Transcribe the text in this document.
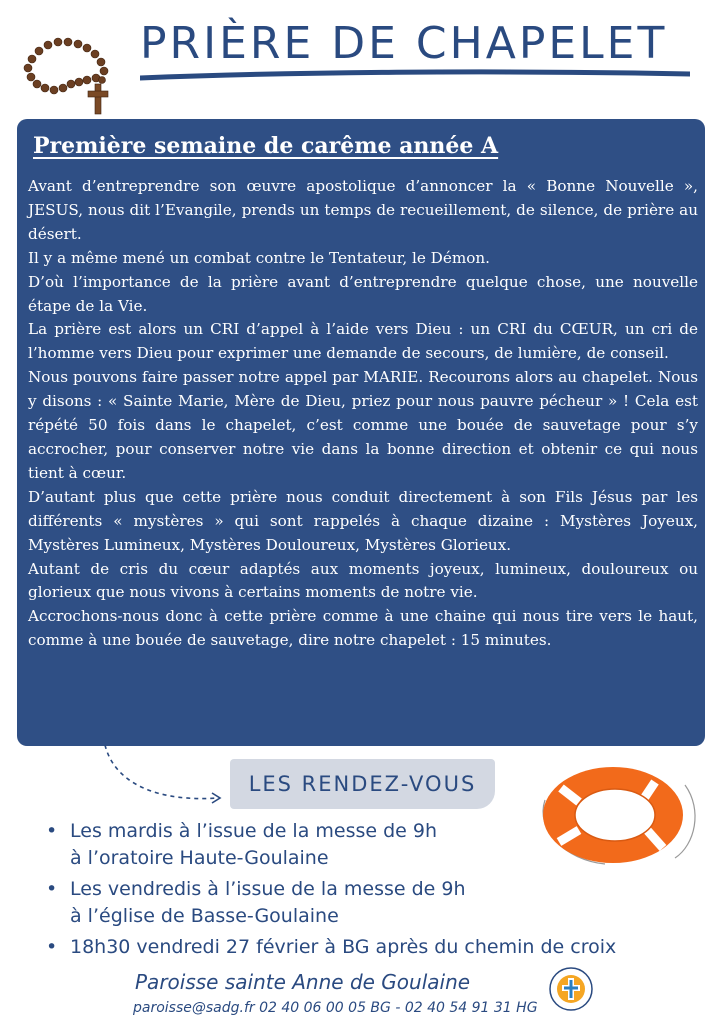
PRIÈRE DE CHAPELET
Première semaine de carême année A

Avant d’entreprendre son œuvre apostolique d’annoncer la « Bonne Nouvelle », JESUS, nous dit l’Evangile, prends un temps de recueillement, de silence, de prière au désert.

Il y a même mené un combat contre le Tentateur, le Démon.

D’où l’importance de la prière avant d’entreprendre quelque chose, une nouvelle étape de la Vie.

La prière est alors un CRI d’appel à l’aide vers Dieu : un CRI du CŒUR, un cri de l’homme vers Dieu pour exprimer une demande de secours, de lumière, de conseil.

Nous pouvons faire passer notre appel par MARIE. Recourons alors au chapelet. Nous y disons : « Sainte Marie, Mère de Dieu, priez pour nous pauvre pécheur » ! Cela est répété 50 fois dans le chapelet, c’est comme une bouée de sauvetage pour s’y accrocher, pour conserver notre vie dans la bonne direction et obtenir ce qui nous tient à cœur.

D’autant plus que cette prière nous conduit directement à son Fils Jésus par les différents « mystères » qui sont rappelés à chaque dizaine : Mystères Joyeux, Mystères Lumineux, Mystères Douloureux, Mystères Glorieux.

Autant de cris du cœur adaptés aux moments joyeux, lumineux, douloureux ou glorieux que nous vivons à certains moments de notre vie.

Accrochons-nous donc à cette prière comme à une chaine qui nous tire vers le haut, comme à une bouée de sauvetage, dire notre chapelet : 15 minutes.

LES RENDEZ-VOUS
• Les mardis à l’issue de la messe de 9h
à l’oratoire Haute-Goulaine
• Les vendredis à l’issue de la messe de 9h
à l’église de Basse-Goulaine
• 18h30 vendredi 27 février à BG après du chemin de croix
Paroisse sainte Anne de Goulaine
paroisse@sadg.fr 02 40 06 00 05 BG - 02 40 54 91 31 HG
